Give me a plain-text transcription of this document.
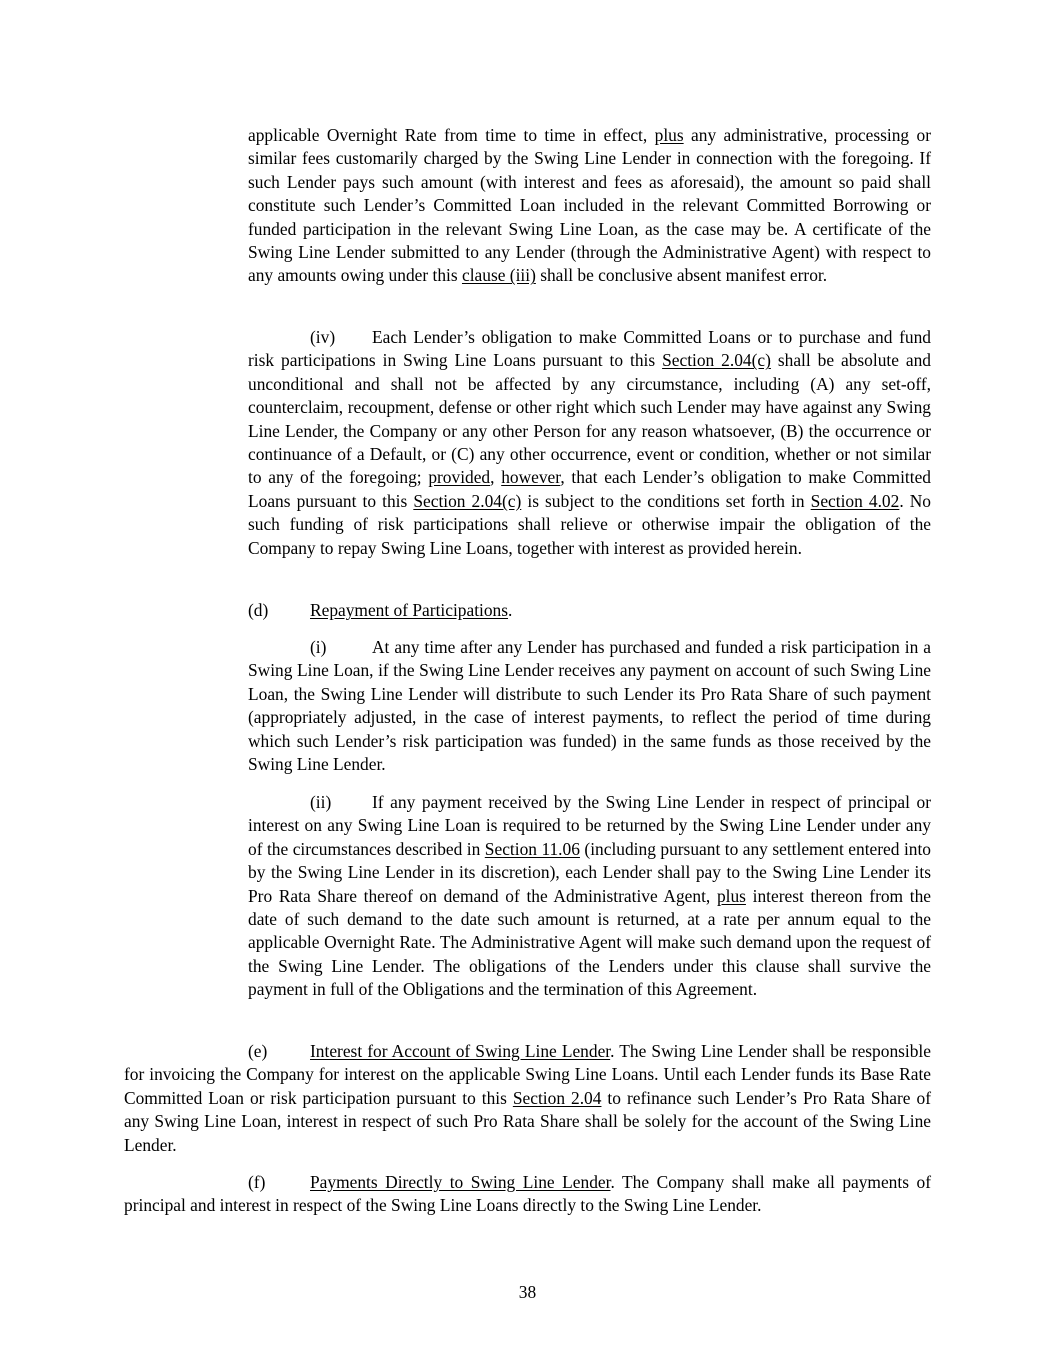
applicable Overnight Rate from time to time in effect, plus any administrative, processing or similar fees customarily charged by the Swing Line Lender in connection with the foregoing. If such Lender pays such amount (with interest and fees as aforesaid), the amount so paid shall constitute such Lender’s Committed Loan included in the relevant Committed Borrowing or funded participation in the relevant Swing Line Loan, as the case may be. A certificate of the Swing Line Lender submitted to any Lender (through the Administrative Agent) with respect to any amounts owing under this clause (iii) shall be conclusive absent manifest error.

(iv) Each Lender’s obligation to make Committed Loans or to purchase and fund risk participations in Swing Line Loans pursuant to this Section 2.04(c) shall be absolute and unconditional and shall not be affected by any circumstance, including (A) any set-off, counterclaim, recoupment, defense or other right which such Lender may have against any Swing Line Lender, the Company or any other Person for any reason whatsoever, (B) the occurrence or continuance of a Default, or (C) any other occurrence, event or condition, whether or not similar to any of the foregoing; provided, however, that each Lender’s obligation to make Committed Loans pursuant to this Section 2.04(c) is subject to the conditions set forth in Section 4.02. No such funding of risk participations shall relieve or otherwise impair the obligation of the Company to repay Swing Line Loans, together with interest as provided herein.

(d) Repayment of Participations.

(i)	At any time after any Lender has purchased and funded a risk participation in a Swing Line Loan, if the Swing Line Lender receives any payment on account of such Swing Line Loan, the Swing Line Lender will distribute to such Lender its Pro Rata Share of such payment (appropriately adjusted, in the case of interest payments, to reflect the period of time during which such Lender’s risk participation was funded) in the same funds as those received by the Swing Line Lender.

(ii) If any payment received by the Swing Line Lender in respect of principal or interest on any Swing Line Loan is required to be returned by the Swing Line Lender under any of the circumstances described in Section 11.06 (including pursuant to any settlement entered into by the Swing Line Lender in its discretion), each Lender shall pay to the Swing Line Lender its Pro Rata Share thereof on demand of the Administrative Agent, plus interest thereon from the date of such demand to the date such amount is returned, at a rate per annum equal to the applicable Overnight Rate. The Administrative Agent will make such demand upon the request of the Swing Line Lender. The obligations of the Lenders under this clause shall survive the payment in full of the Obligations and the termination of this Agreement.

(e) Interest for Account of Swing Line Lender. The Swing Line Lender shall be responsible for invoicing the Company for interest on the applicable Swing Line Loans. Until each Lender funds its Base Rate Committed Loan or risk participation pursuant to this Section 2.04 to refinance such Lender’s Pro Rata Share of any Swing Line Loan, interest in respect of such Pro Rata Share shall be solely for the account of the Swing Line Lender.

(f)	Payments Directly to Swing Line Lender. The Company shall make all payments of principal and interest in respect of the Swing Line Loans directly to the Swing Line Lender.

38
